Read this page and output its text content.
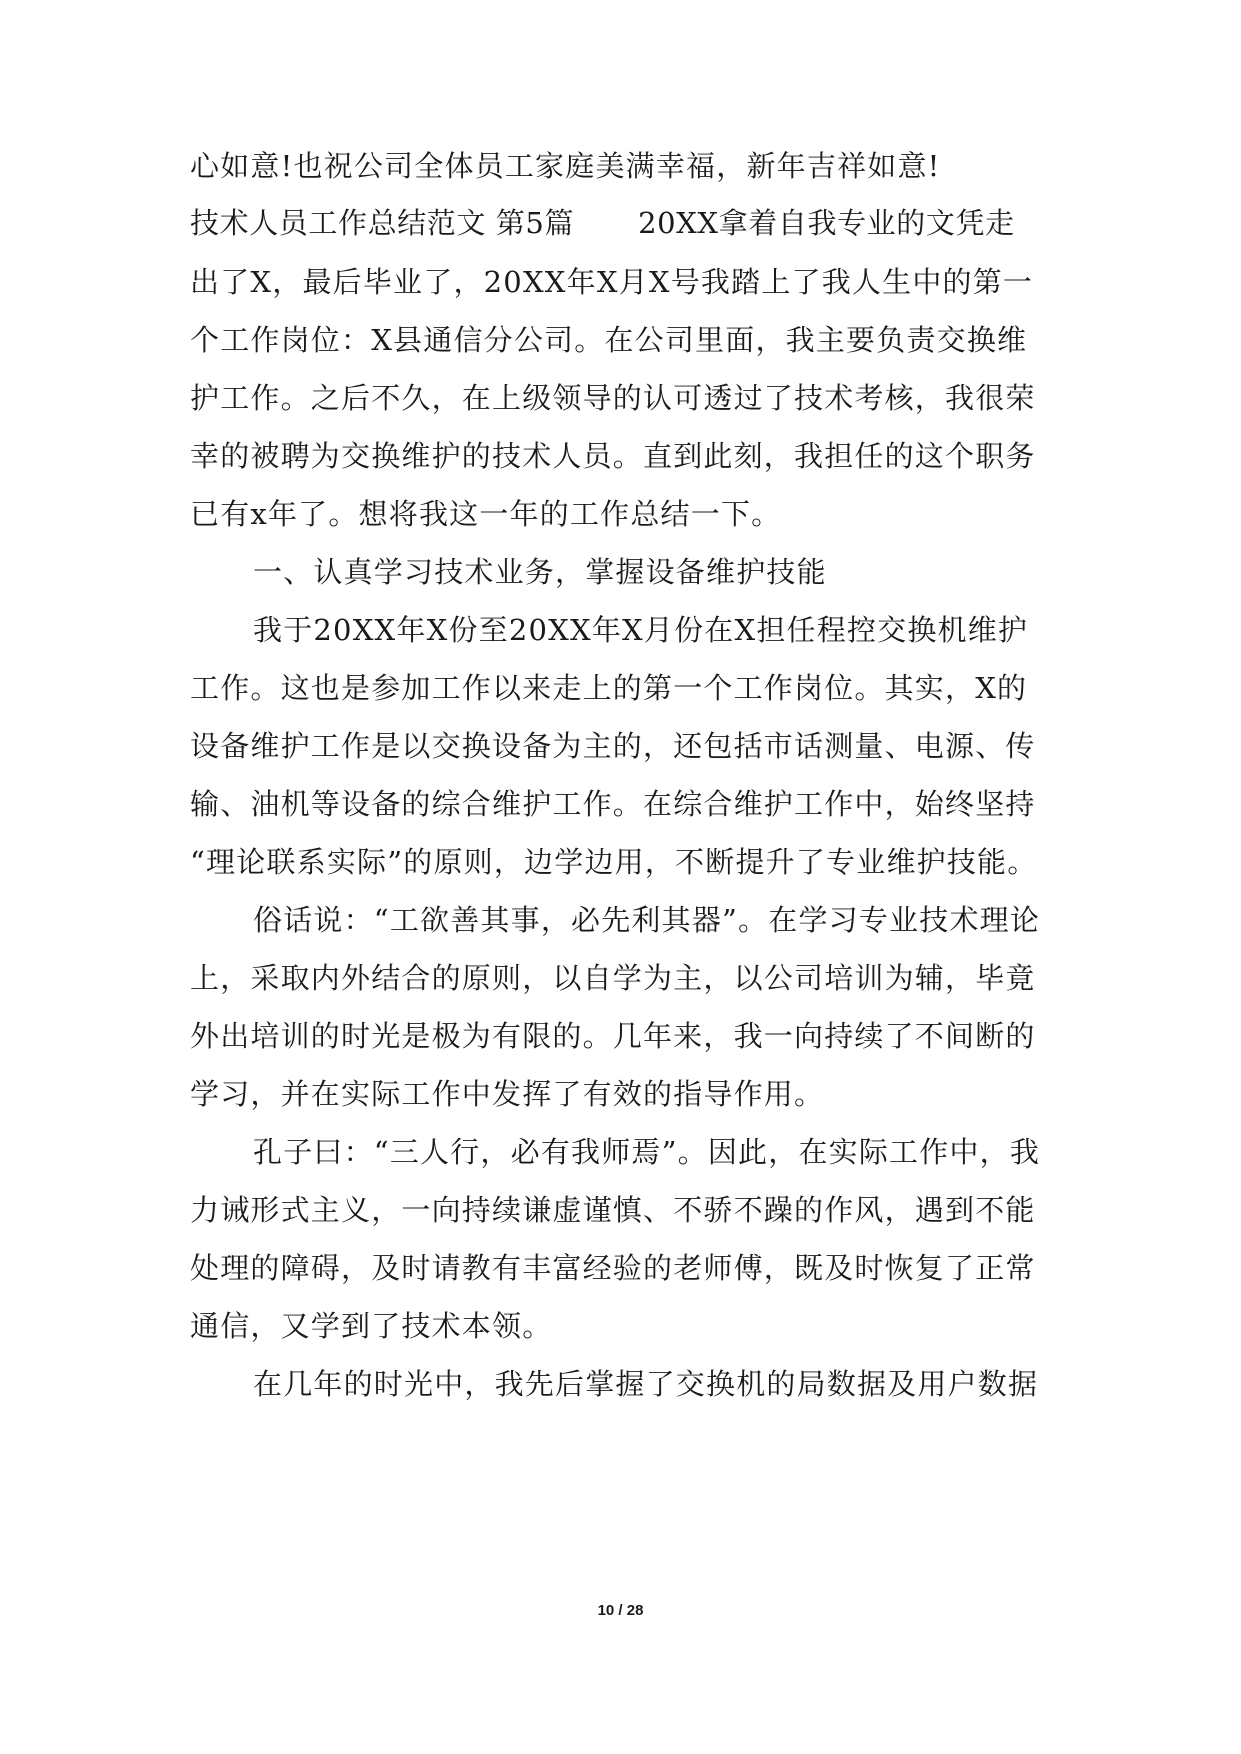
心如意!也祝公司全体员工家庭美满幸福，新年吉祥如意!
技术人员工作总结范文 第5篇 20XX拿着自我专业的文凭走
出了X，最后毕业了，20XX年X月X号我踏上了我人生中的第一
个工作岗位：X县通信分公司。在公司里面，我主要负责交换维
护工作。之后不久，在上级领导的认可透过了技术考核，我很荣
幸的被聘为交换维护的技术人员。直到此刻，我担任的这个职务
已有x年了。想将我这一年的工作总结一下。
一、认真学习技术业务，掌握设备维护技能
我于20XX年X份至20XX年X月份在X担任程控交换机维护
工作。这也是参加工作以来走上的第一个工作岗位。其实，X的
设备维护工作是以交换设备为主的，还包括市话测量、电源、传
输、油机等设备的综合维护工作。在综合维护工作中，始终坚持
“理论联系实际”的原则，边学边用，不断提升了专业维护技能。
俗话说：“工欲善其事，必先利其器”。在学习专业技术理论
上，采取内外结合的原则，以自学为主，以公司培训为辅，毕竟
外出培训的时光是极为有限的。几年来，我一向持续了不间断的
学习，并在实际工作中发挥了有效的指导作用。
孔子曰：“三人行，必有我师焉”。因此，在实际工作中，我
力诫形式主义，一向持续谦虚谨慎、不骄不躁的作风，遇到不能
处理的障碍，及时请教有丰富经验的老师傅，既及时恢复了正常
通信，又学到了技术本领。
在几年的时光中，我先后掌握了交换机的局数据及用户数据
10 / 28
